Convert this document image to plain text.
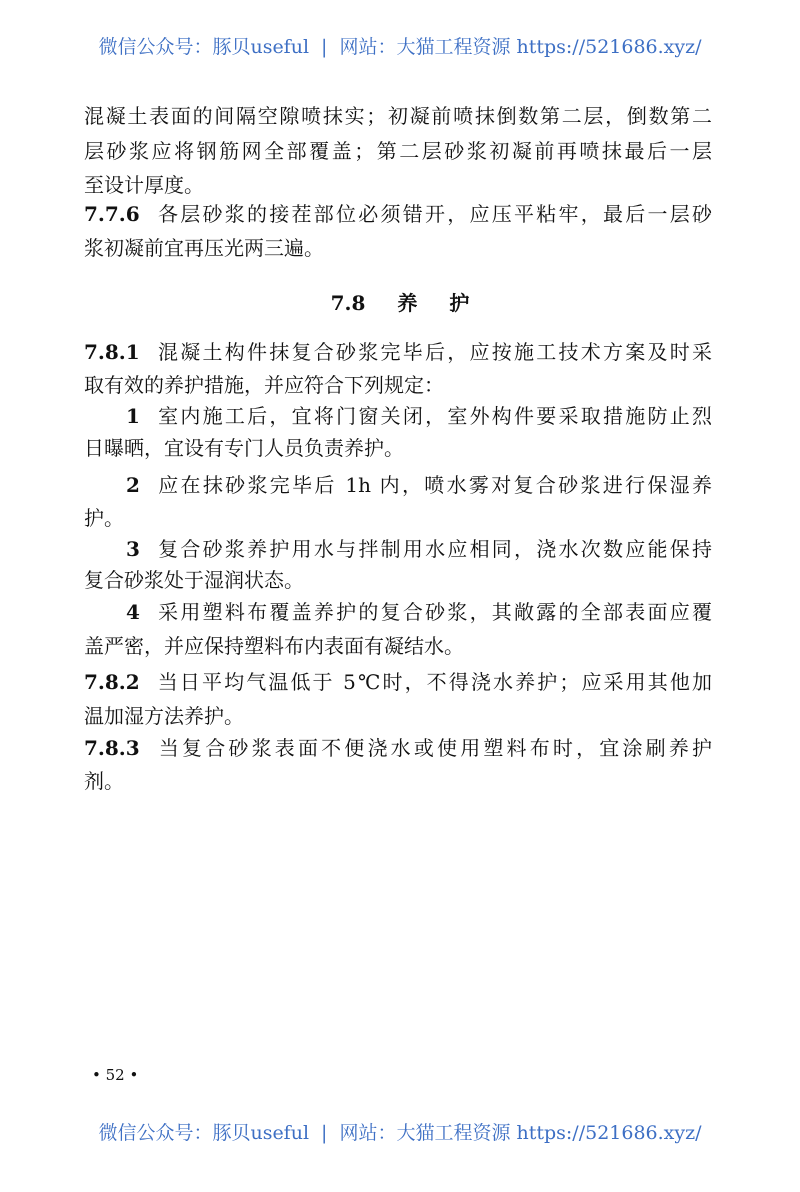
微信公众号：豚贝useful | 网站：大猫工程资源 https://521686.xyz/
混凝土表面的间隔空隙喷抹实；初凝前喷抹倒数第二层，倒数第二
层砂浆应将钢筋网全部覆盖；第二层砂浆初凝前再喷抹最后一层
至设计厚度。
7.7.6 各层砂浆的接茬部位必须错开，应压平粘牢，最后一层砂
浆初凝前宜再压光两三遍。
7.8 养 护
7.8.1 混凝土构件抹复合砂浆完毕后，应按施工技术方案及时采
取有效的养护措施，并应符合下列规定：
1 室内施工后，宜将门窗关闭，室外构件要采取措施防止烈
日曝晒，宜设有专门人员负责养护。
2 应在抹砂浆完毕后 1h 内，喷水雾对复合砂浆进行保湿养
护。
3 复合砂浆养护用水与拌制用水应相同，浇水次数应能保持
复合砂浆处于湿润状态。
4 采用塑料布覆盖养护的复合砂浆，其敞露的全部表面应覆
盖严密，并应保持塑料布内表面有凝结水。
7.8.2 当日平均气温低于 5℃时，不得浇水养护；应采用其他加
温加湿方法养护。
7.8.3 当复合砂浆表面不便浇水或使用塑料布时，宜涂刷养护
剂。
• 52 •
微信公众号：豚贝useful | 网站：大猫工程资源 https://521686.xyz/
